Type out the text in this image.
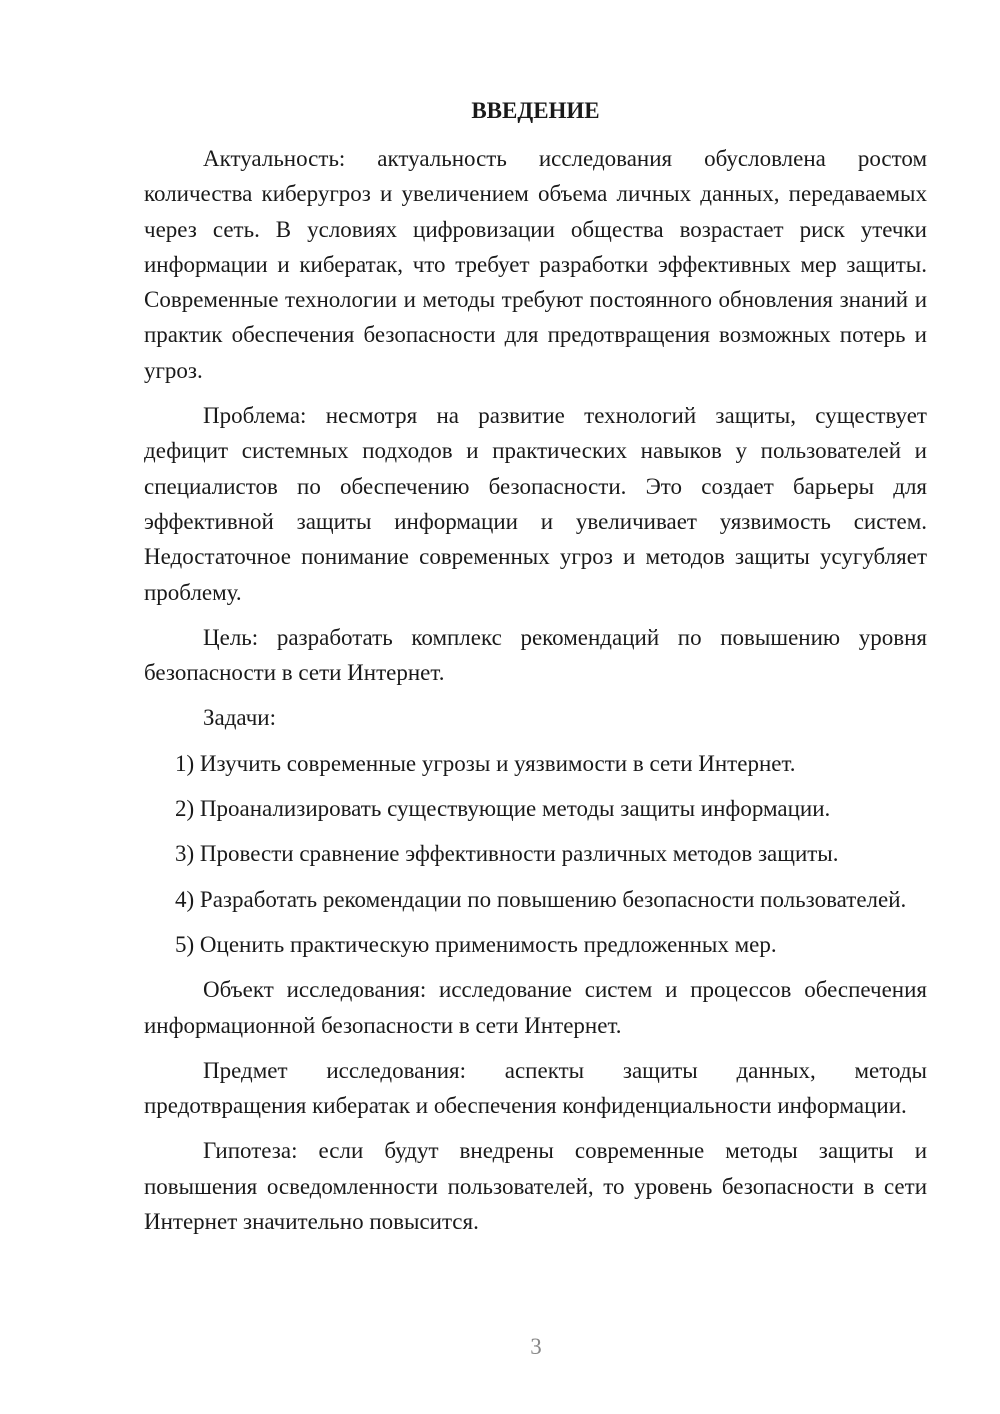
ВВЕДЕНИЕ

Актуальность: актуальность исследования обусловлена ростом количества киберугроз и увеличением объема личных данных, передаваемых через сеть. В условиях цифровизации общества возрастает риск утечки информации и кибератак, что требует разработки эффективных мер защиты. Современные технологии и методы требуют постоянного обновления знаний и практик обеспечения безопасности для предотвращения возможных потерь и угроз.

Проблема: несмотря на развитие технологий защиты, существует дефицит системных подходов и практических навыков у пользователей и специалистов по обеспечению безопасности. Это создает барьеры для эффективной защиты информации и увеличивает уязвимость систем. Недостаточное понимание современных угроз и методов защиты усугубляет проблему.

Цель: разработать комплекс рекомендаций по повышению уровня безопасности в сети Интернет.

Задачи:

1) Изучить современные угрозы и уязвимости в сети Интернет.

2) Проанализировать существующие методы защиты информации.

3) Провести сравнение эффективности различных методов защиты.

4) Разработать рекомендации по повышению безопасности пользователей.

5) Оценить практическую применимость предложенных мер.

Объект исследования: исследование систем и процессов обеспечения информационной безопасности в сети Интернет.

Предмет исследования: аспекты защиты данных, методы предотвращения кибератак и обеспечения конфиденциальности информации.

Гипотеза: если будут внедрены современные методы защиты и повышения осведомленности пользователей, то уровень безопасности в сети Интернет значительно повысится.

3
